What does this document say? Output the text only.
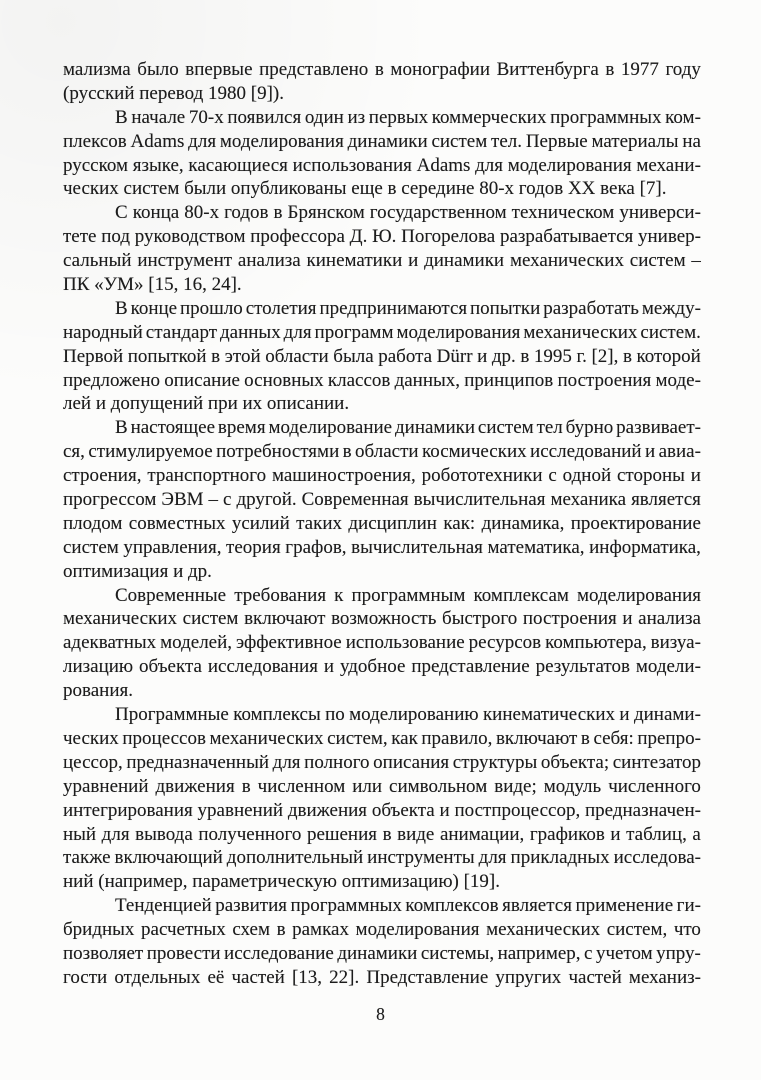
мализма было впервые представлено в монографии Виттенбурга в 1977 году
(русский перевод 1980 [9]).
В начале 70-х появился один из первых коммерческих программных ком-
плексов Adams для моделирования динамики систем тел. Первые материалы на
русском языке, касающиеся использования Adams для моделирования механи-
ческих систем были опубликованы еще в середине 80-х годов XX века [7].
С конца 80-х годов в Брянском государственном техническом универси-
тете под руководством профессора Д. Ю. Погорелова разрабатывается универ-
сальный инструмент анализа кинематики и динамики механических систем –
ПК «УМ» [15, 16, 24].
В конце прошло столетия предпринимаются попытки разработать между-
народный стандарт данных для программ моделирования механических систем.
Первой попыткой в этой области была работа Dürr и др. в 1995 г. [2], в которой
предложено описание основных классов данных, принципов построения моде-
лей и допущений при их описании.
В настоящее время моделирование динамики систем тел бурно развивает-
ся, стимулируемое потребностями в области космических исследований и авиа-
строения, транспортного машиностроения, робототехники с одной стороны и
прогрессом ЭВМ – с другой. Современная вычислительная механика является
плодом совместных усилий таких дисциплин как: динамика, проектирование
систем управления, теория графов, вычислительная математика, информатика,
оптимизация и др.
Современные требования к программным комплексам моделирования
механических систем включают возможность быстрого построения и анализа
адекватных моделей, эффективное использование ресурсов компьютера, визуа-
лизацию объекта исследования и удобное представление результатов модели-
рования.
Программные комплексы по моделированию кинематических и динами-
ческих процессов механических систем, как правило, включают в себя: препро-
цессор, предназначенный для полного описания структуры объекта; синтезатор
уравнений движения в численном или символьном виде; модуль численного
интегрирования уравнений движения объекта и постпроцессор, предназначен-
ный для вывода полученного решения в виде анимации, графиков и таблиц, а
также включающий дополнительный инструменты для прикладных исследова-
ний (например, параметрическую оптимизацию) [19].
Тенденцией развития программных комплексов является применение ги-
бридных расчетных схем в рамках моделирования механических систем, что
позволяет провести исследование динамики системы, например, с учетом упру-
гости отдельных её частей [13, 22]. Представление упругих частей механиз-
8
